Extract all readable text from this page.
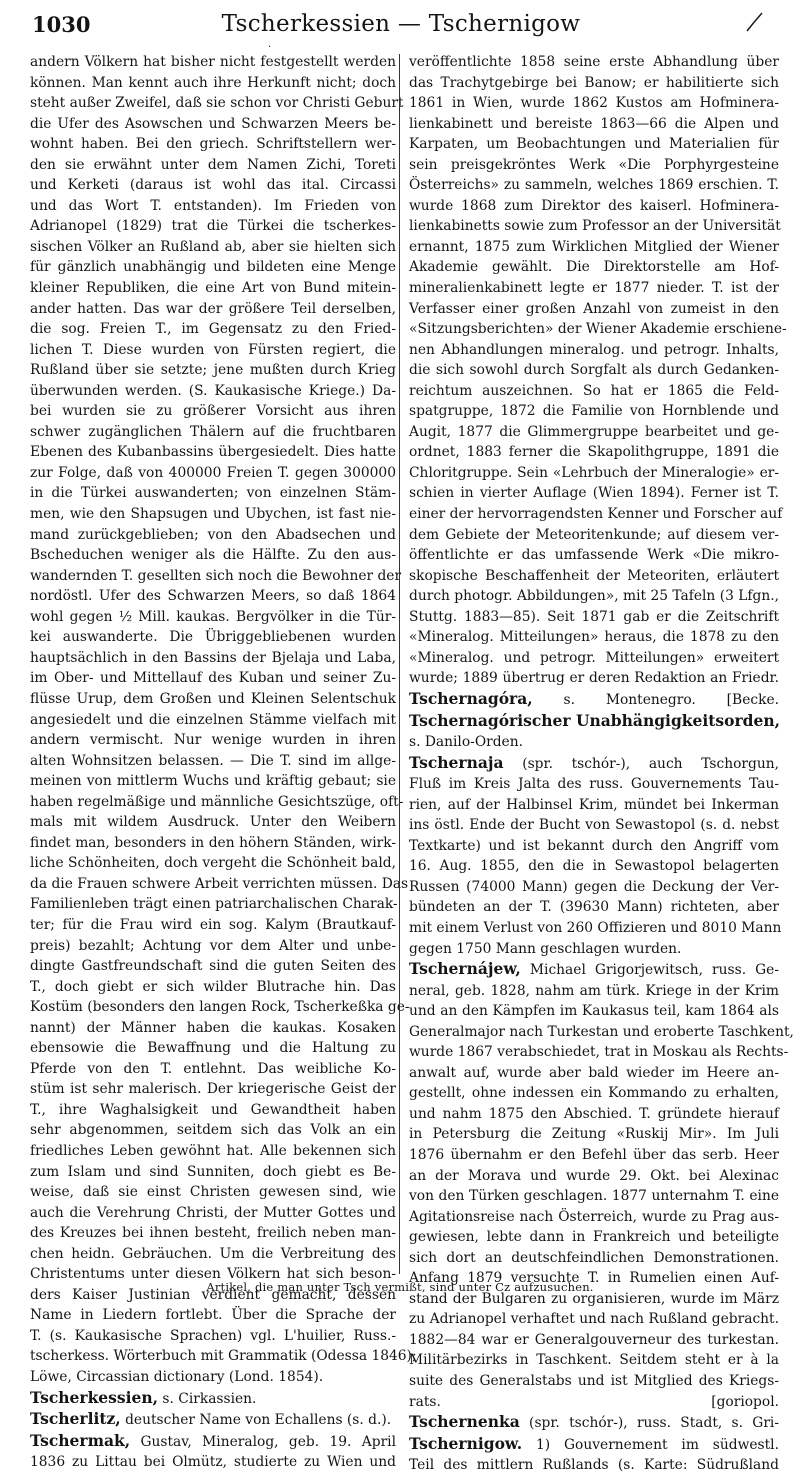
1030	Tscherkessien — Tschernigow
·
andern Völkern hat bisher nicht festgestellt werden
können. Man kennt auch ihre Herkunft nicht; doch
steht außer Zweifel, daß sie schon vor Christi Geburt
die Ufer des Asowschen und Schwarzen Meers be-
wohnt haben. Bei den griech. Schriftstellern wer-
den sie erwähnt unter dem Namen Zichi, Toreti
und Kerketi (daraus ist wohl das ital. Circassi
und das Wort T. entstanden). Im Frieden von
Adrianopel (1829) trat die Türkei die tscherkes-
sischen Völker an Rußland ab, aber sie hielten sich
für gänzlich unabhängig und bildeten eine Menge
kleiner Republiken, die eine Art von Bund mitein-
ander hatten. Das war der größere Teil derselben,
die sog. Freien T., im Gegensatz zu den Fried-
lichen T. Diese wurden von Fürsten regiert, die
Rußland über sie setzte; jene mußten durch Krieg
überwunden werden. (S. Kaukasische Kriege.) Da-
bei wurden sie zu größerer Vorsicht aus ihren
schwer zugänglichen Thälern auf die fruchtbaren
Ebenen des Kubanbassins übergesiedelt. Dies hatte
zur Folge, daß von 400000 Freien T. gegen 300000
in die Türkei auswanderten; von einzelnen Stäm-
men, wie den Shapsugen und Ubychen, ist fast nie-
mand zurückgeblieben; von den Abadsechen und
Bscheduchen weniger als die Hälfte. Zu den aus-
wandernden T. gesellten sich noch die Bewohner der
nordöstl. Ufer des Schwarzen Meers, so daß 1864
wohl gegen ½ Mill. kaukas. Bergvölker in die Tür-
kei auswanderte. Die Übriggebliebenen wurden
hauptsächlich in den Bassins der Bjelaja und Laba,
im Ober- und Mittellauf des Kuban und seiner Zu-
flüsse Urup, dem Großen und Kleinen Selentschuk
angesiedelt und die einzelnen Stämme vielfach mit
andern vermischt. Nur wenige wurden in ihren
alten Wohnsitzen belassen. — Die T. sind im allge-
meinen von mittlerm Wuchs und kräftig gebaut; sie
haben regelmäßige und männliche Gesichtszüge, oft-
mals mit wildem Ausdruck. Unter den Weibern
findet man, besonders in den höhern Ständen, wirk-
liche Schönheiten, doch vergeht die Schönheit bald,
da die Frauen schwere Arbeit verrichten müssen. Das
Familienleben trägt einen patriarchalischen Charak-
ter; für die Frau wird ein sog. Kalym (Brautkauf-
preis) bezahlt; Achtung vor dem Alter und unbe-
dingte Gastfreundschaft sind die guten Seiten des
T., doch giebt er sich wilder Blutrache hin. Das
Kostüm (besonders den langen Rock, Tscherkeßka ge-
nannt) der Männer haben die kaukas. Kosaken
ebensowie die Bewaffnung und die Haltung zu
Pferde von den T. entlehnt. Das weibliche Ko-
stüm ist sehr malerisch. Der kriegerische Geist der
T., ihre Waghalsigkeit und Gewandtheit haben
sehr abgenommen, seitdem sich das Volk an ein
friedliches Leben gewöhnt hat. Alle bekennen sich
zum Islam und sind Sunniten, doch giebt es Be-
weise, daß sie einst Christen gewesen sind, wie
auch die Verehrung Christi, der Mutter Gottes und
des Kreuzes bei ihnen besteht, freilich neben man-
chen heidn. Gebräuchen. Um die Verbreitung des
Christentums unter diesen Völkern hat sich beson-
ders Kaiser Justinian verdient gemacht, dessen
Name in Liedern fortlebt. Über die Sprache der
T. (s. Kaukasische Sprachen) vgl. L'huilier, Russ.-
tscherkess. Wörterbuch mit Grammatik (Odessa 1846);
Löwe, Circassian dictionary (Lond. 1854).
Tscherkessien, s. Cirkassien.
Tscherlitz, deutscher Name von Echallens (s. d.).
Tschermak, Gustav, Mineralog, geb. 19. April
1836 zu Littau bei Olmütz, studierte zu Wien und
veröffentlichte 1858 seine erste Abhandlung über
das Trachytgebirge bei Banow; er habilitierte sich
1861 in Wien, wurde 1862 Kustos am Hofminera-
lienkabinett und bereiste 1863—66 die Alpen und
Karpaten, um Beobachtungen und Materialien für
sein preisgekröntes Werk «Die Porphyrgesteine
Österreichs» zu sammeln, welches 1869 erschien. T.
wurde 1868 zum Direktor des kaiserl. Hofminera-
lienkabinetts sowie zum Professor an der Universität
ernannt, 1875 zum Wirklichen Mitglied der Wiener
Akademie gewählt. Die Direktorstelle am Hof-
mineralienkabinett legte er 1877 nieder. T. ist der
Verfasser einer großen Anzahl von zumeist in den
«Sitzungsberichten» der Wiener Akademie erschiene-
nen Abhandlungen mineralog. und petrogr. Inhalts,
die sich sowohl durch Sorgfalt als durch Gedanken-
reichtum auszeichnen. So hat er 1865 die Feld-
spatgruppe, 1872 die Familie von Hornblende und
Augit, 1877 die Glimmergruppe bearbeitet und ge-
ordnet, 1883 ferner die Skapolithgruppe, 1891 die
Chloritgruppe. Sein «Lehrbuch der Mineralogie» er-
schien in vierter Auflage (Wien 1894). Ferner ist T.
einer der hervorragendsten Kenner und Forscher auf
dem Gebiete der Meteoritenkunde; auf diesem ver-
öffentlichte er das umfassende Werk «Die mikro-
skopische Beschaffenheit der Meteoriten, erläutert
durch photogr. Abbildungen», mit 25 Tafeln (3 Lfgn.,
Stuttg. 1883—85). Seit 1871 gab er die Zeitschrift
«Mineralog. Mitteilungen» heraus, die 1878 zu den
«Mineralog. und petrogr. Mitteilungen» erweitert
wurde; 1889 übertrug er deren Redaktion an Friedr.
Tschernagóra, s. Montenegro. [Becke.
Tschernagórischer Unabhängigkeitsorden,
s. Danilo-Orden.
Tschernaja (spr. tschór-), auch Tschorgun,
Fluß im Kreis Jalta des russ. Gouvernements Tau-
rien, auf der Halbinsel Krim, mündet bei Inkerman
ins östl. Ende der Bucht von Sewastopol (s. d. nebst
Textkarte) und ist bekannt durch den Angriff vom
16. Aug. 1855, den die in Sewastopol belagerten
Russen (74000 Mann) gegen die Deckung der Ver-
bündeten an der T. (39630 Mann) richteten, aber
mit einem Verlust von 260 Offizieren und 8010 Mann
gegen 1750 Mann geschlagen wurden.
Tschernájew, Michael Grigorjewitsch, russ. Ge-
neral, geb. 1828, nahm am türk. Kriege in der Krim
und an den Kämpfen im Kaukasus teil, kam 1864 als
Generalmajor nach Turkestan und eroberte Taschkent,
wurde 1867 verabschiedet, trat in Moskau als Rechts-
anwalt auf, wurde aber bald wieder im Heere an-
gestellt, ohne indessen ein Kommando zu erhalten,
und nahm 1875 den Abschied. T. gründete hierauf
in Petersburg die Zeitung «Ruskij Mir». Im Juli
1876 übernahm er den Befehl über das serb. Heer
an der Morava und wurde 29. Okt. bei Alexinac
von den Türken geschlagen. 1877 unternahm T. eine
Agitationsreise nach Österreich, wurde zu Prag aus-
gewiesen, lebte dann in Frankreich und beteiligte
sich dort an deutschfeindlichen Demonstrationen.
Anfang 1879 versuchte T. in Rumelien einen Auf-
stand der Bulgaren zu organisieren, wurde im März
zu Adrianopel verhaftet und nach Rußland gebracht.
1882—84 war er Generalgouverneur des turkestan.
Militärbezirks in Taschkent. Seitdem steht er à la
suite des Generalstabs und ist Mitglied des Kriegs-
rats. [goriopol.
Tschernenka (spr. tschór-), russ. Stadt, s. Gri-
Tschernigow. 1) Gouvernement im südwestl.
Teil des mittlern Rußlands (s. Karte: Südrußland
Artikel, die man unter Tsch vermißt, sind unter Cz aufzusuchen.
